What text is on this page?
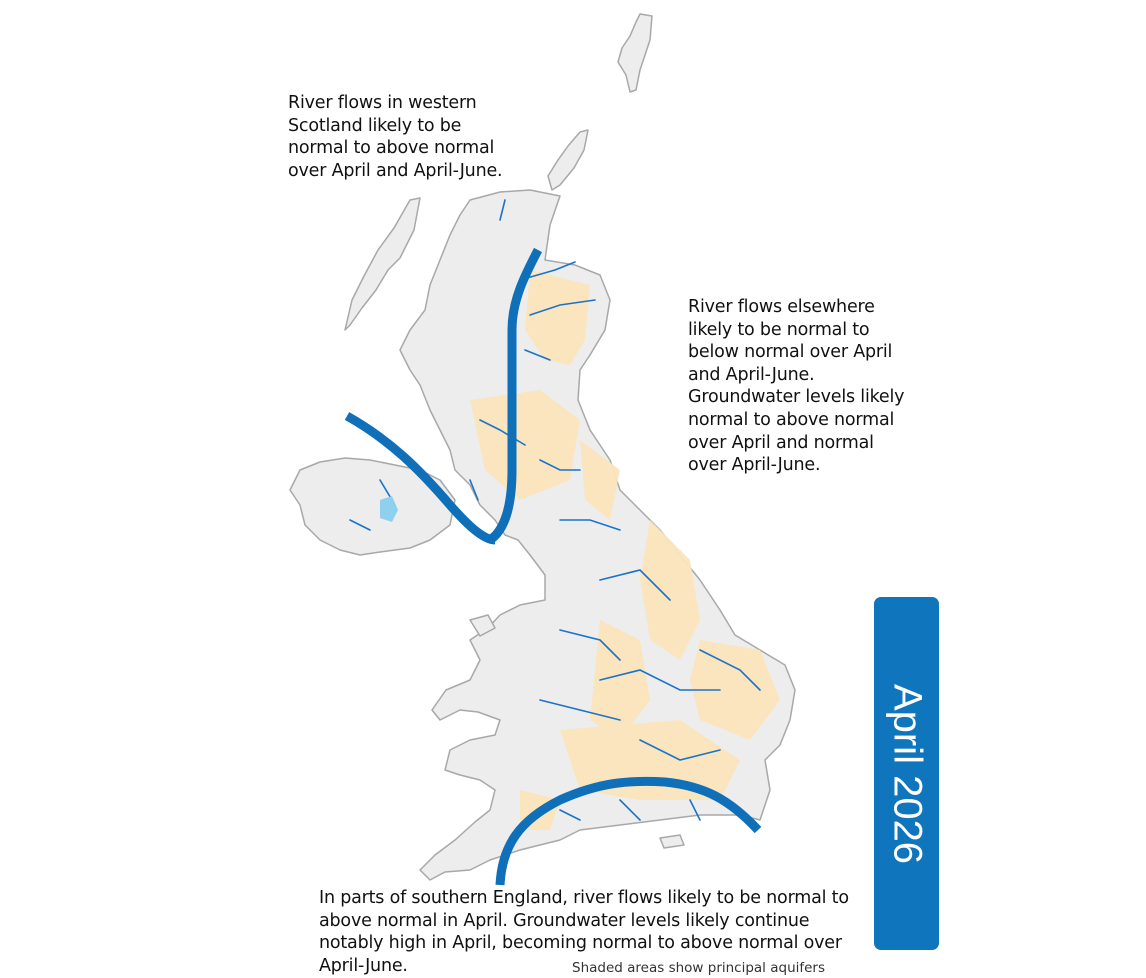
River flows in western
Scotland likely to be
normal to above normal
over April and April-June.
River flows elsewhere
likely to be normal to
below normal over April
and April-June.
Groundwater levels likely
normal to above normal
over April and normal
over April-June.
In parts of southern England, river flows likely to be normal to
above normal in April. Groundwater levels likely continue
notably high in April, becoming normal to above normal over
April-June.	Shaded areas show principal aquifers
April 2026
